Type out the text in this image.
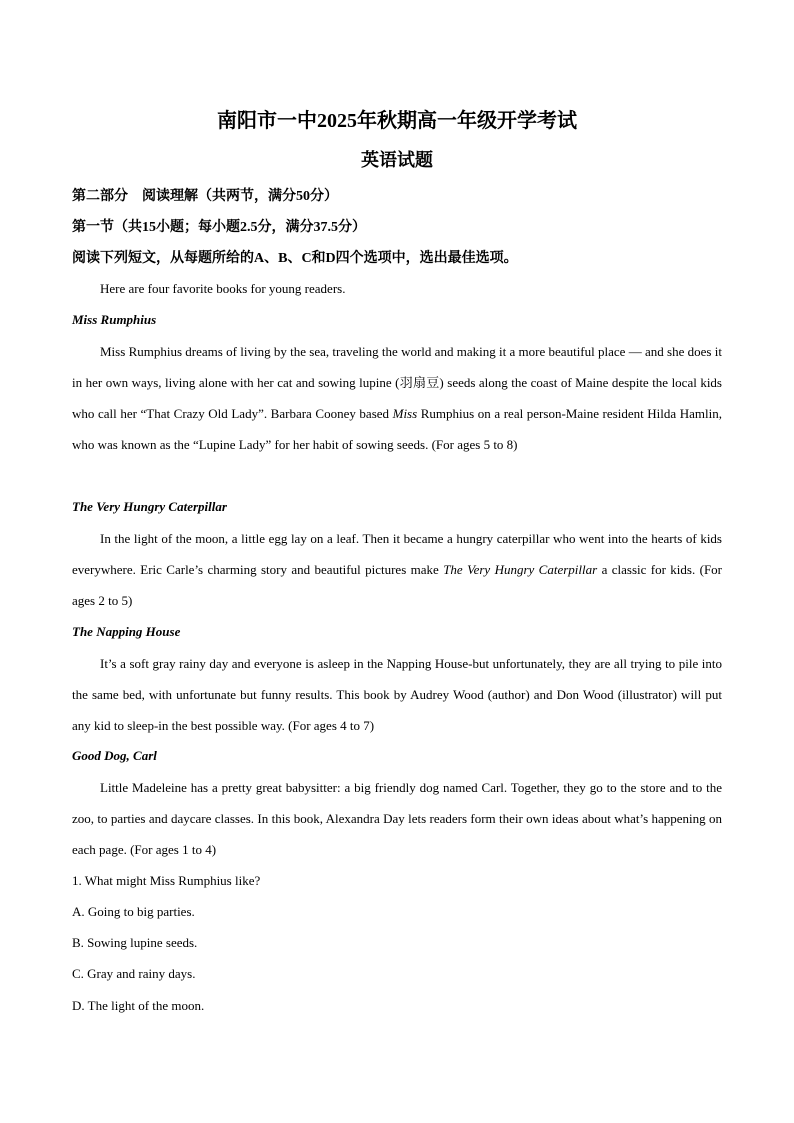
南阳市一中2025年秋期高一年级开学考试
英语试题

第二部分　阅读理解（共两节，满分50分）

第一节（共15小题；每小题2.5分，满分37.5分）

阅读下列短文，从每题所给的A、B、C和D四个选项中，选出最佳选项。

Here are four favorite books for young readers.

Miss Rumphius

Miss Rumphius dreams of living by the sea, traveling the world and making it a more beautiful place — and she does it in her own ways, living alone with her cat and sowing lupine (羽扇豆) seeds along the coast of Maine despite the local kids who call her “That Crazy Old Lady”. Barbara Cooney based Miss Rumphius on a real person-Maine resident Hilda Hamlin, who was known as the “Lupine Lady” for her habit of sowing seeds. (For ages 5 to 8)

The Very Hungry Caterpillar

In the light of the moon, a little egg lay on a leaf. Then it became a hungry caterpillar who went into the hearts of kids everywhere. Eric Carle’s charming story and beautiful pictures make The Very Hungry Caterpillar a classic for kids. (For ages 2 to 5)

The Napping House

It’s a soft gray rainy day and everyone is asleep in the Napping House-but unfortunately, they are all trying to pile into the same bed, with unfortunate but funny results. This book by Audrey Wood (author) and Don Wood (illustrator) will put any kid to sleep-in the best possible way. (For ages 4 to 7)

Good Dog, Carl

Little Madeleine has a pretty great babysitter: a big friendly dog named Carl. Together, they go to the store and to the zoo, to parties and daycare classes. In this book, Alexandra Day lets readers form their own ideas about what’s happening on each page. (For ages 1 to 4)

1. What might Miss Rumphius like?

A. Going to big parties.

B. Sowing lupine seeds.

C. Gray and rainy days.

D. The light of the moon.
